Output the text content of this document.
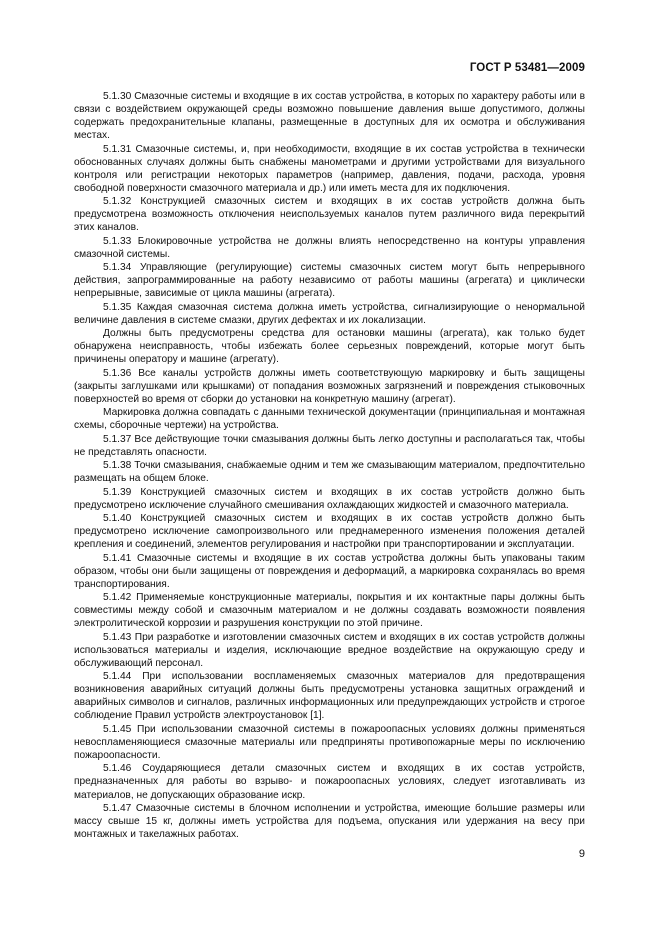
ГОСТ Р 53481—2009

5.1.30 Смазочные системы и входящие в их состав устройства, в которых по характеру работы или в связи с воздействием окружающей среды возможно повышение давления выше допустимого, должны содержать предохранительные клапаны, размещенные в доступных для их осмотра и обслуживания местах.

5.1.31 Смазочные системы, и, при необходимости, входящие в их состав устройства в технически обоснованных случаях должны быть снабжены манометрами и другими устройствами для визуального контроля или регистрации некоторых параметров (например, давления, подачи, расхода, уровня свободной поверхности смазочного материала и др.) или иметь места для их подключения.

5.1.32 Конструкцией смазочных систем и входящих в их состав устройств должна быть предусмотрена возможность отключения неиспользуемых каналов путем различного вида перекрытий этих каналов.

5.1.33 Блокировочные устройства не должны влиять непосредственно на контуры управления смазочной системы.

5.1.34 Управляющие (регулирующие) системы смазочных систем могут быть непрерывного действия, запрограммированные на работу независимо от работы машины (агрегата) и циклически непрерывные, зависимые от цикла машины (агрегата).

5.1.35 Каждая смазочная система должна иметь устройства, сигнализирующие о ненормальной величине давления в системе смазки, других дефектах и их локализации.

Должны быть предусмотрены средства для остановки машины (агрегата), как только будет обнаружена неисправность, чтобы избежать более серьезных повреждений, которые могут быть причинены оператору и машине (агрегату).

5.1.36 Все каналы устройств должны иметь соответствующую маркировку и быть защищены (закрыты заглушками или крышками) от попадания возможных загрязнений и повреждения стыковочных поверхностей во время от сборки до установки на конкретную машину (агрегат).

Маркировка должна совпадать с данными технической документации (принципиальная и монтажная схемы, сборочные чертежи) на устройства.

5.1.37 Все действующие точки смазывания должны быть легко доступны и располагаться так, чтобы не представлять опасности.

5.1.38 Точки смазывания, снабжаемые одним и тем же смазывающим материалом, предпочтительно размещать на общем блоке.

5.1.39 Конструкцией смазочных систем и входящих в их состав устройств должно быть предусмотрено исключение случайного смешивания охлаждающих жидкостей и смазочного материала.

5.1.40 Конструкцией смазочных систем и входящих в их состав устройств должно быть предусмотрено исключение самопроизвольного или преднамеренного изменения положения деталей крепления и соединений, элементов регулирования и настройки при транспортировании и эксплуатации.

5.1.41 Смазочные системы и входящие в их состав устройства должны быть упакованы таким образом, чтобы они были защищены от повреждения и деформаций, а маркировка сохранялась во время транспортирования.

5.1.42 Применяемые конструкционные материалы, покрытия и их контактные пары должны быть совместимы между собой и смазочным материалом и не должны создавать возможности появления электролитической коррозии и разрушения конструкции по этой причине.

5.1.43 При разработке и изготовлении смазочных систем и входящих в их состав устройств должны использоваться материалы и изделия, исключающие вредное воздействие на окружающую среду и обслуживающий персонал.

5.1.44 При использовании воспламеняемых смазочных материалов для предотвращения возникновения аварийных ситуаций должны быть предусмотрены установка защитных ограждений и аварийных символов и сигналов, различных информационных или предупреждающих устройств и строгое соблюдение Правил устройств электроустановок [1].

5.1.45 При использовании смазочной системы в пожароопасных условиях должны применяться невоспламеняющиеся смазочные материалы или предприняты противопожарные меры по исключению пожароопасности.

5.1.46 Соударяющиеся детали смазочных систем и входящих в их состав устройств, предназначенных для работы во взрыво- и пожароопасных условиях, следует изготавливать из материалов, не допускающих образование искр.

5.1.47 Смазочные системы в блочном исполнении и устройства, имеющие большие размеры или массу свыше 15 кг, должны иметь устройства для подъема, опускания или удержания на весу при монтажных и такелажных работах.

9
